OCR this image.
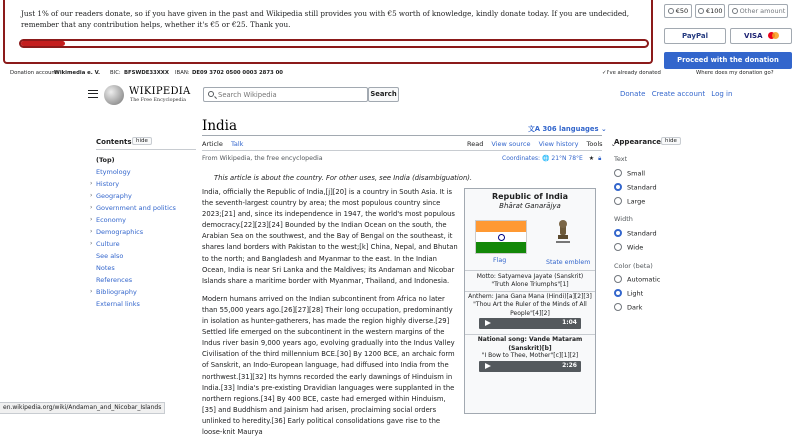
Just 1% of our readers donate, so if you have given in the past and Wikipedia still provides you with €5 worth of knowledge, kindly donate today. If you are undecided, remember that any contribution helps, whether it's €5 or €25. Thank you.
€50	€100	Other amount
PayPal	VISA
Proceed with the donation
Donation account:
Wikimedia e. V. BIC: BFSWDE33XXX IBAN: DE09 3702 0500 0003 2873 00	✓ I've already donated	Where does my donation go?
WIKIPEDIA
The Free Encyclopedia
Search Wikipedia
Search	Donate Create account Log in
Contents hide
(Top)
Etymology
› History
› Geography
› Government and politics
› Economy
› Demographics
› Culture
See also
Notes
References
› Bibliography
External links
India	文A 306 languages ⌄
Article Talk	Read View source View history Tools ⌄
From Wikipedia, the free encyclopedia	Coordinates: 🌐 21°N 78°E ★ 🔒︎
This article is about the country. For other uses, see India (disambiguation).

India, officially the Republic of India,[j][20] is a country in South Asia. It is the seventh-largest country by area; the most populous country since 2023;[21] and, since its independence in 1947, the world's most populous democracy.[22][23][24] Bounded by the Indian Ocean on the south, the Arabian Sea on the southwest, and the Bay of Bengal on the southeast, it shares land borders with Pakistan to the west;[k] China, Nepal, and Bhutan to the north; and Bangladesh and Myanmar to the east. In the Indian Ocean, India is near Sri Lanka and the Maldives; its Andaman and Nicobar Islands share a maritime border with Myanmar, Thailand, and Indonesia.

Modern humans arrived on the Indian subcontinent from Africa no later than 55,000 years ago.[26][27][28] Their long occupation, predominantly in isolation as hunter-gatherers, has made the region highly diverse.[29] Settled life emerged on the subcontinent in the western margins of the Indus river basin 9,000 years ago, evolving gradually into the Indus Valley Civilisation of the third millennium BCE.[30] By 1200 BCE, an archaic form of Sanskrit, an Indo-European language, had diffused into India from the northwest.[31][32] Its hymns recorded the early dawnings of Hinduism in India.[33] India's pre-existing Dravidian languages were supplanted in the northern regions.[34] By 400 BCE, caste had emerged within Hinduism,[35] and Buddhism and Jainism had arisen, proclaiming social orders unlinked to heredity.[36] Early political consolidations gave rise to the loose-knit Maurya

Republic of India
Bhārat Ganarājya
Flag	State emblem
Motto: Satyameva Jayate (Sanskrit)
"Truth Alone Triumphs"[1]
Anthem: Jana Gana Mana (Hindi)[a][2][3]
"Thou Art the Ruler of the Minds of All People"[4][2]
1:04
National song: Vande Mataram (Sanskrit)[b]
"I Bow to Thee, Mother"[c][1][2]
2:26
Appearance hide
Text
Small
Standard
Large
Width
Standard
Wide
Color (beta)
Automatic
Light
Dark
en.wikipedia.org/wiki/Andaman_and_Nicobar_Islands
